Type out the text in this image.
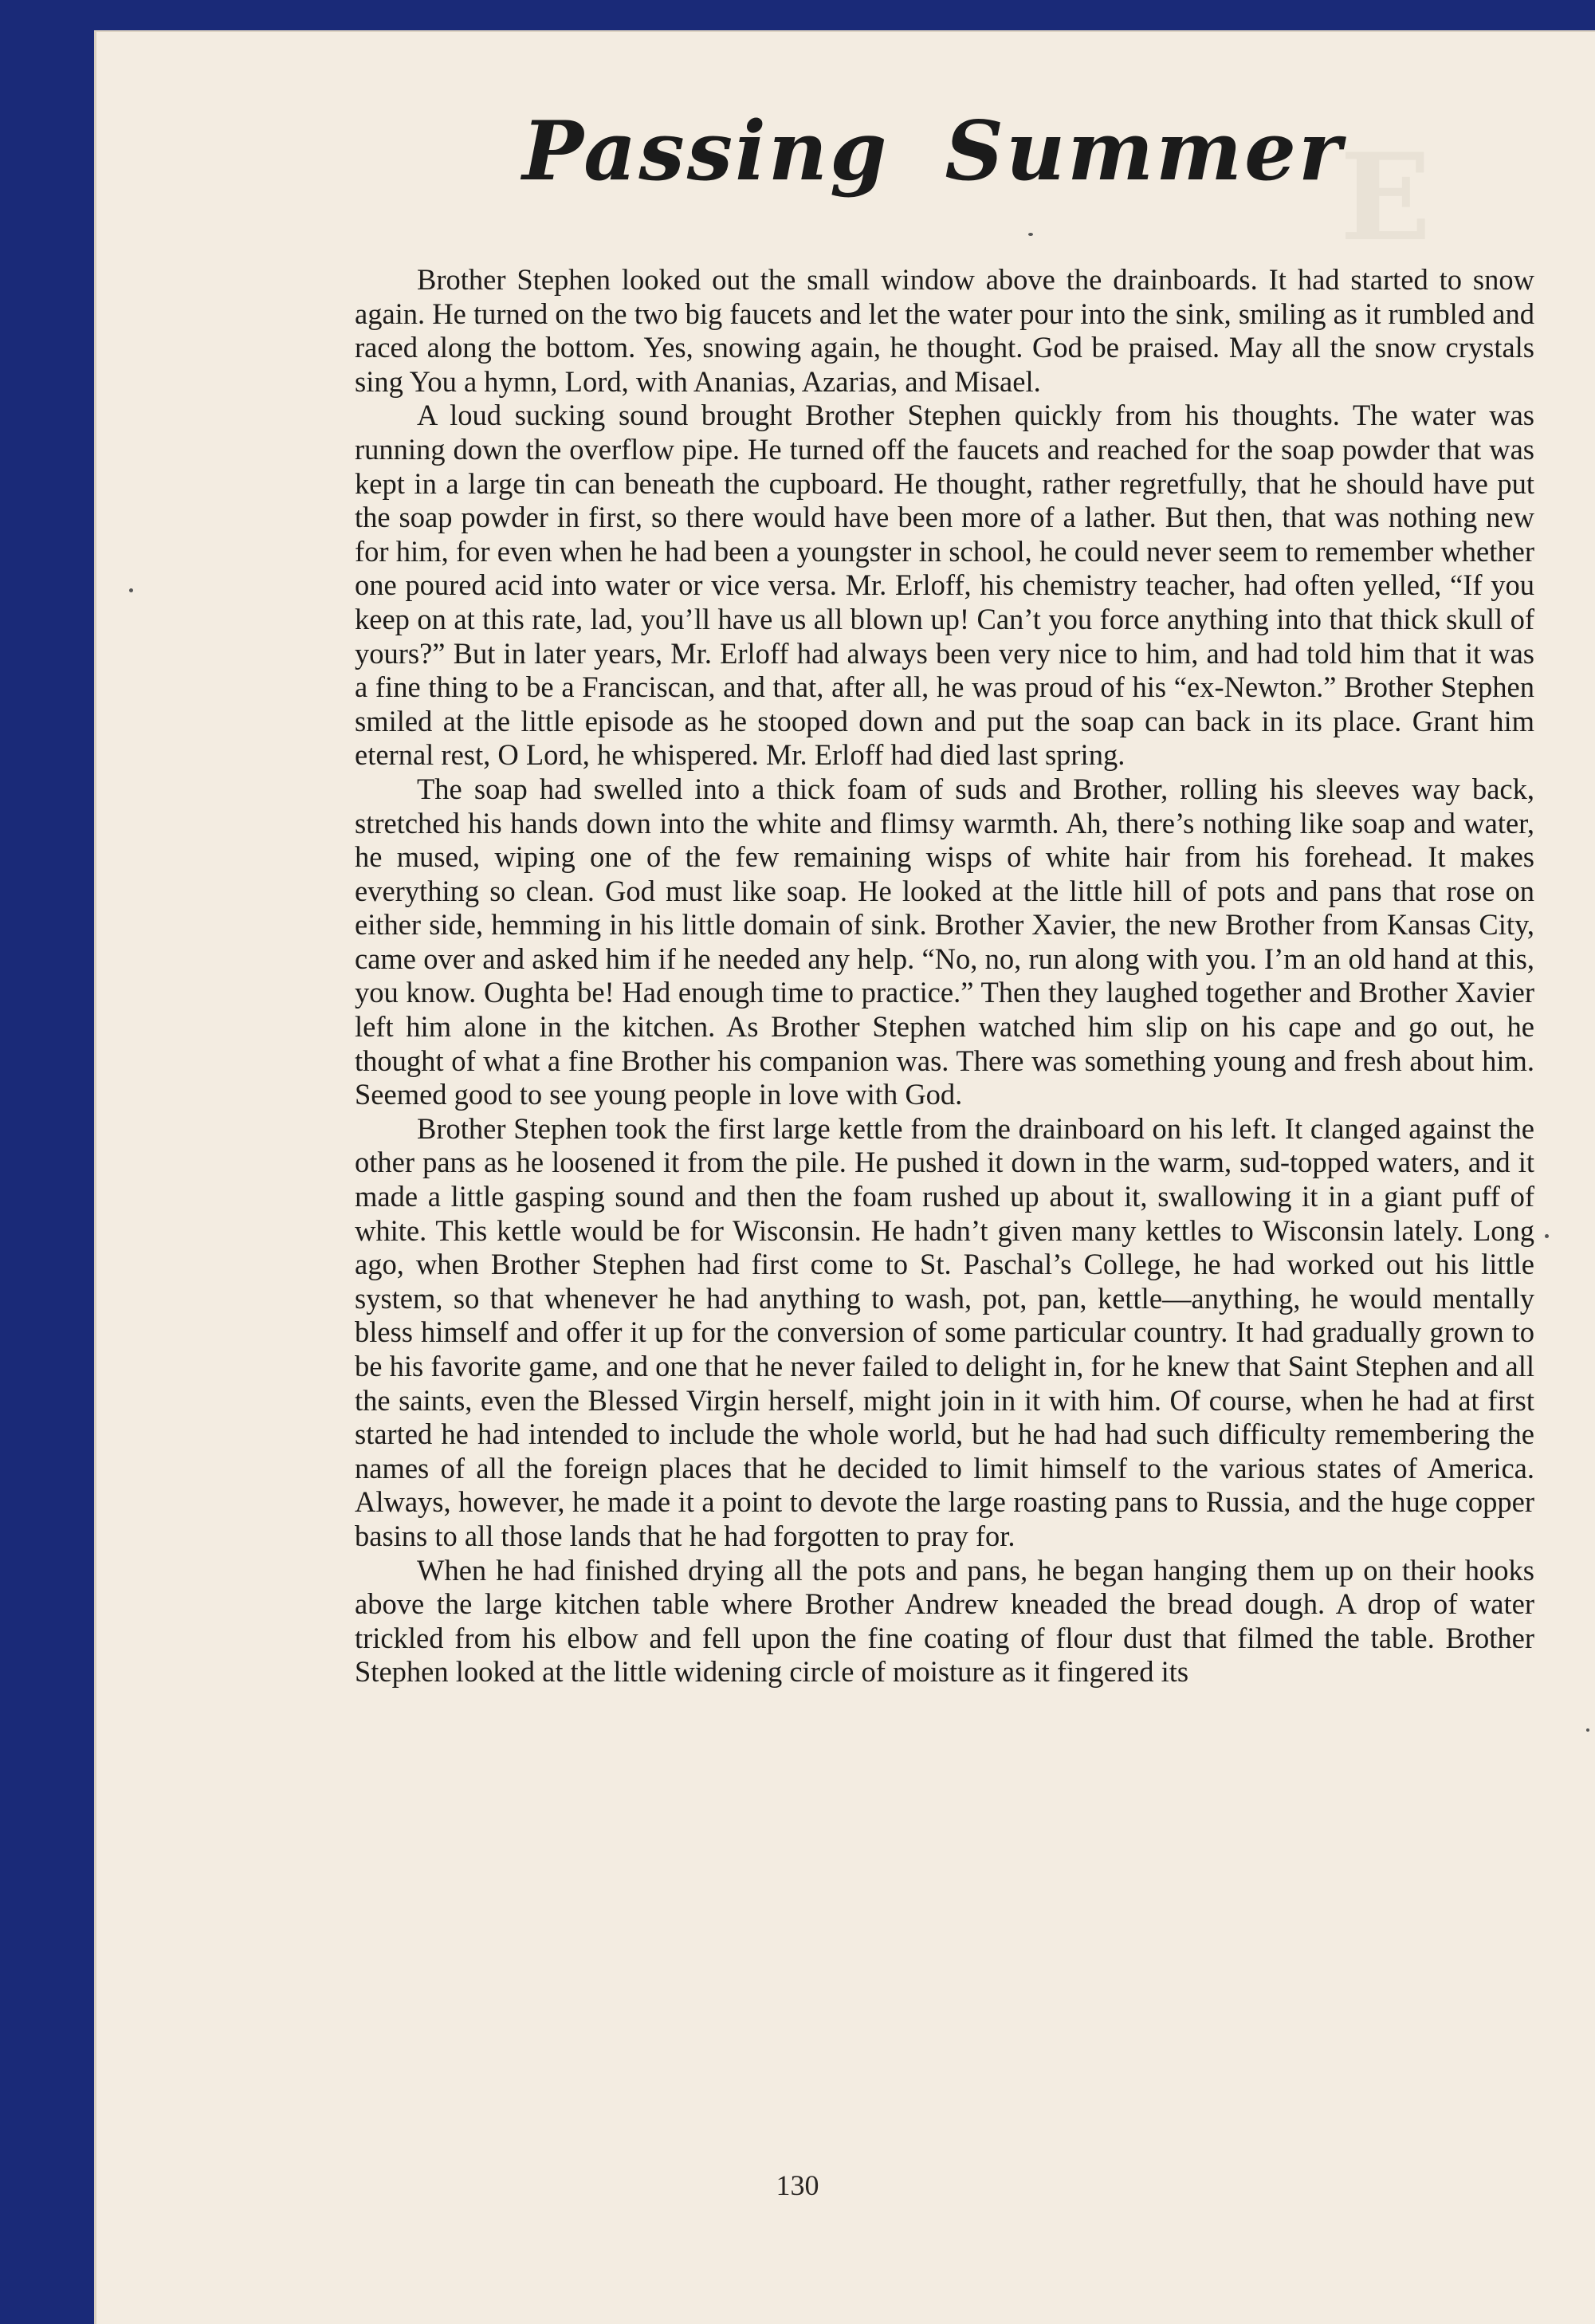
E
Passing Summer

Brother Stephen looked out the small window above the drainboards. It had started to snow again. He turned on the two big faucets and let the water pour into the sink, smiling as it rumbled and raced along the bottom. Yes, snowing again, he thought. God be praised. May all the snow crystals sing You a hymn, Lord, with Ananias, Azarias, and Misael.

A loud sucking sound brought Brother Stephen quickly from his thoughts. The water was running down the overflow pipe. He turned off the faucets and reached for the soap powder that was kept in a large tin can beneath the cupboard. He thought, rather regretfully, that he should have put the soap powder in first, so there would have been more of a lather. But then, that was nothing new for him, for even when he had been a youngster in school, he could never seem to remember whether one poured acid into water or vice versa. Mr. Erloff, his chemistry teacher, had often yelled, “If you keep on at this rate, lad, you’ll have us all blown up! Can’t you force anything into that thick skull of yours?” But in later years, Mr. Erloff had always been very nice to him, and had told him that it was a fine thing to be a Franciscan, and that, after all, he was proud of his “ex-Newton.” Brother Stephen smiled at the little episode as he stooped down and put the soap can back in its place. Grant him eternal rest, O Lord, he whispered. Mr. Erloff had died last spring.

The soap had swelled into a thick foam of suds and Brother, rolling his sleeves way back, stretched his hands down into the white and flimsy warmth. Ah, there’s nothing like soap and water, he mused, wiping one of the few remaining wisps of white hair from his forehead. It makes everything so clean. God must like soap. He looked at the little hill of pots and pans that rose on either side, hemming in his little domain of sink. Brother Xavier, the new Brother from Kansas City, came over and asked him if he needed any help. “No, no, run along with you. I’m an old hand at this, you know. Oughta be! Had enough time to practice.” Then they laughed together and Brother Xavier left him alone in the kitchen. As Brother Stephen watched him slip on his cape and go out, he thought of what a fine Brother his companion was. There was something young and fresh about him. Seemed good to see young people in love with God.

Brother Stephen took the first large kettle from the drainboard on his left. It clanged against the other pans as he loosened it from the pile. He pushed it down in the warm, sud-topped waters, and it made a little gasping sound and then the foam rushed up about it, swallowing it in a giant puff of white. This kettle would be for Wisconsin. He hadn’t given many kettles to Wisconsin lately. Long ago, when Brother Stephen had first come to St. Paschal’s College, he had worked out his little system, so that whenever he had anything to wash, pot, pan, kettle—anything, he would mentally bless himself and offer it up for the conversion of some particular country. It had gradually grown to be his favorite game, and one that he never failed to delight in, for he knew that Saint Stephen and all the saints, even the Blessed Virgin herself, might join in it with him. Of course, when he had at first started he had intended to include the whole world, but he had had such difficulty remembering the names of all the foreign places that he decided to limit himself to the various states of America. Always, however, he made it a point to devote the large roasting pans to Russia, and the huge copper basins to all those lands that he had forgotten to pray for.

When he had finished drying all the pots and pans, he began hanging them up on their hooks above the large kitchen table where Brother Andrew kneaded the bread dough. A drop of water trickled from his elbow and fell upon the fine coating of flour dust that filmed the table. Brother Stephen looked at the little widening circle of moisture as it fingered its

130
